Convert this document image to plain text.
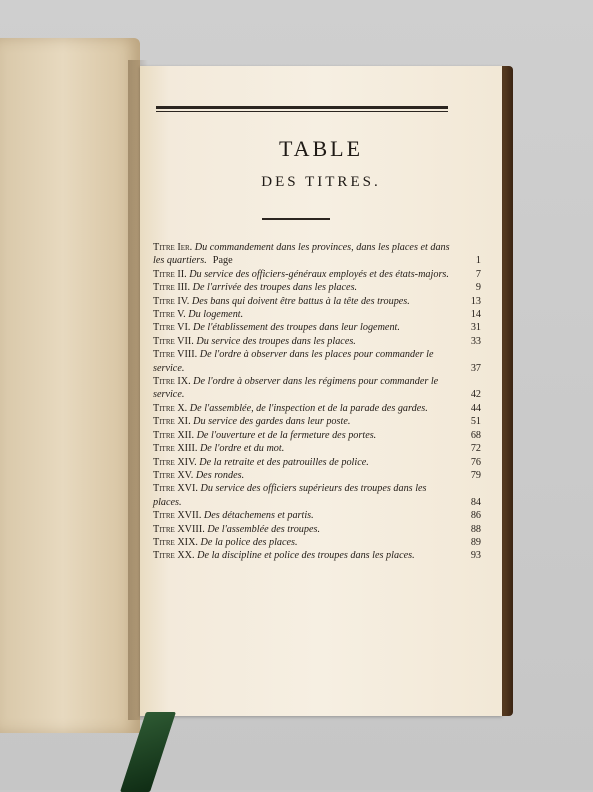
TABLE
DES TITRES.
Titre Ier. Du commandement dans les provinces, dans les places et dans les quartiers. Page	1
Titre II. Du service des officiers-généraux employés et des états-majors.	7
Titre III. De l'arrivée des troupes dans les places.	9
Titre IV. Des bans qui doivent être battus à la tête des troupes.	13
Titre V. Du logement.	14
Titre VI. De l'établissement des troupes dans leur logement.	31
Titre VII. Du service des troupes dans les places.	33
Titre VIII. De l'ordre à observer dans les places pour commander le service.	37
Titre IX. De l'ordre à observer dans les régimens pour commander le service.	42
Titre X. De l'assemblée, de l'inspection et de la parade des gardes.	44
Titre XI. Du service des gardes dans leur poste.	51
Titre XII. De l'ouverture et de la fermeture des portes.	68
Titre XIII. De l'ordre et du mot.	72
Titre XIV. De la retraite et des patrouilles de police.	76
Titre XV. Des rondes.	79
Titre XVI. Du service des officiers supérieurs des troupes dans les places.	84
Titre XVII. Des détachemens et partis.	86
Titre XVIII. De l'assemblée des troupes.	88
Titre XIX. De la police des places.	89
Titre XX. De la discipline et police des troupes dans les places.	93
